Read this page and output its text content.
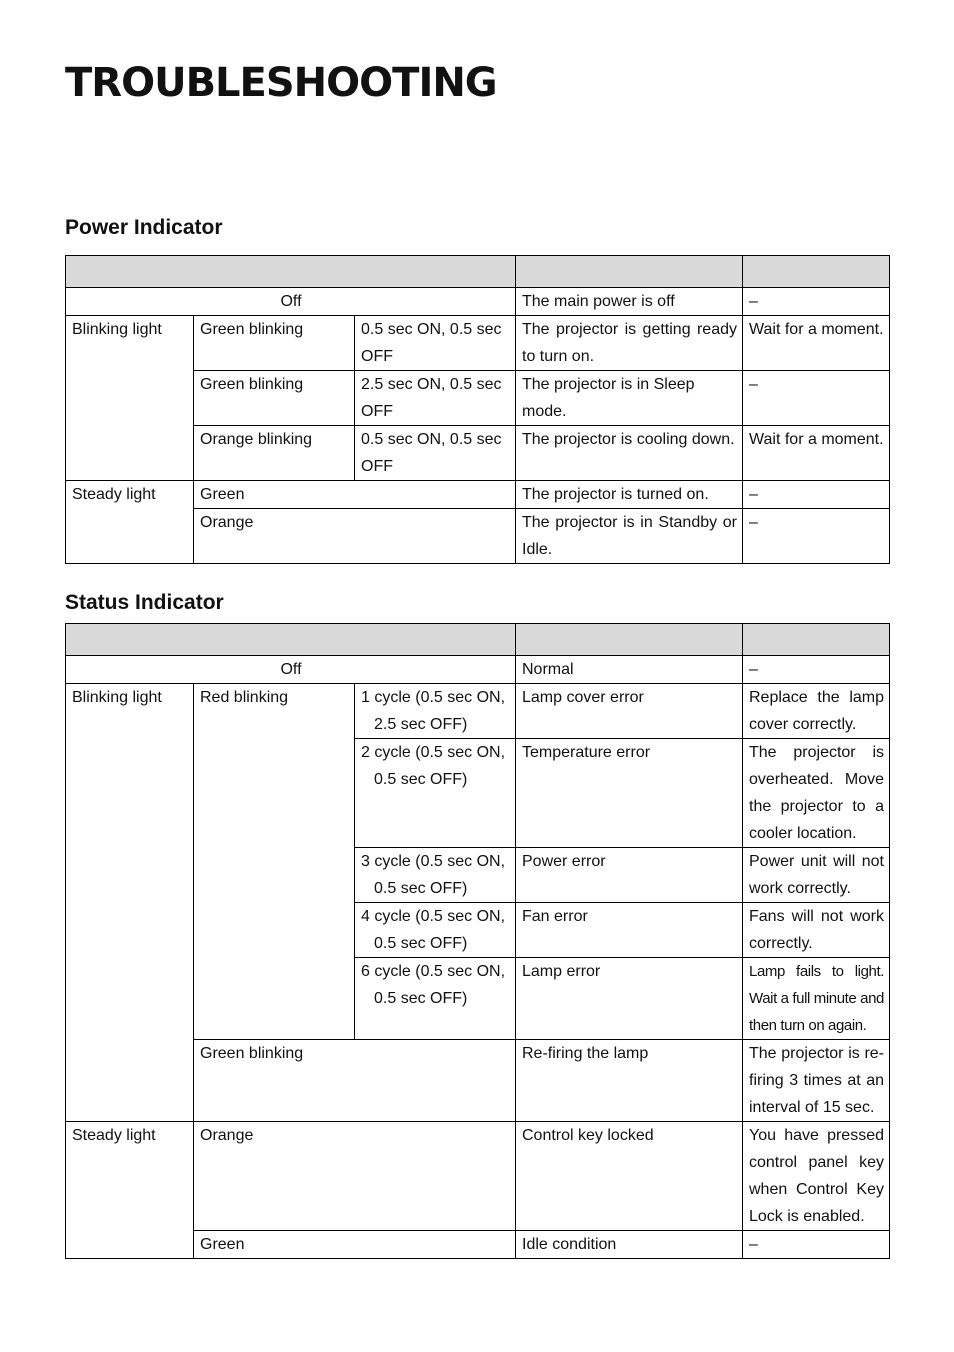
TROUBLESHOOTING
Power Indicator

Off			The main power is off	–
Blinking light	Green blinking	0.5 sec ON, 0.5 sec OFF	The projector is getting ready to turn on.	Wait for a moment.
	Green blinking	2.5 sec ON, 0.5 sec OFF	The projector is in Sleep mode.	–
	Orange blinking	0.5 sec ON, 0.5 sec OFF	The projector is cooling down.	Wait for a moment.
Steady light	Green		The projector is turned on.	–
	Orange		The projector is in Standby or Idle.	–
Status Indicator

Off			Normal	–
Blinking light	Red blinking	1 cycle (0.5 sec ON, 2.5 sec OFF)	Lamp cover error	Replace the lamp cover correctly.

		2 cycle (0.5 sec ON, 0.5 sec OFF)	Temperature error	The projector is overheated. Move the projector to a cooler location.

		3 cycle (0.5 sec ON, 0.5 sec OFF)	Power error	Power unit will not work correctly.

		4 cycle (0.5 sec ON, 0.5 sec OFF)	Fan error	Fans will not work correctly.

		6 cycle (0.5 sec ON, 0.5 sec OFF)	Lamp error	Lamp fails to light. Wait a full minute and then turn on again.
	Green blinking		Re-firing the lamp	The projector is re-firing 3 times at an interval of 15 sec.
Steady light	Orange		Control key locked	You have pressed control panel key when Control Key Lock is enabled.
	Green		Idle condition	–
